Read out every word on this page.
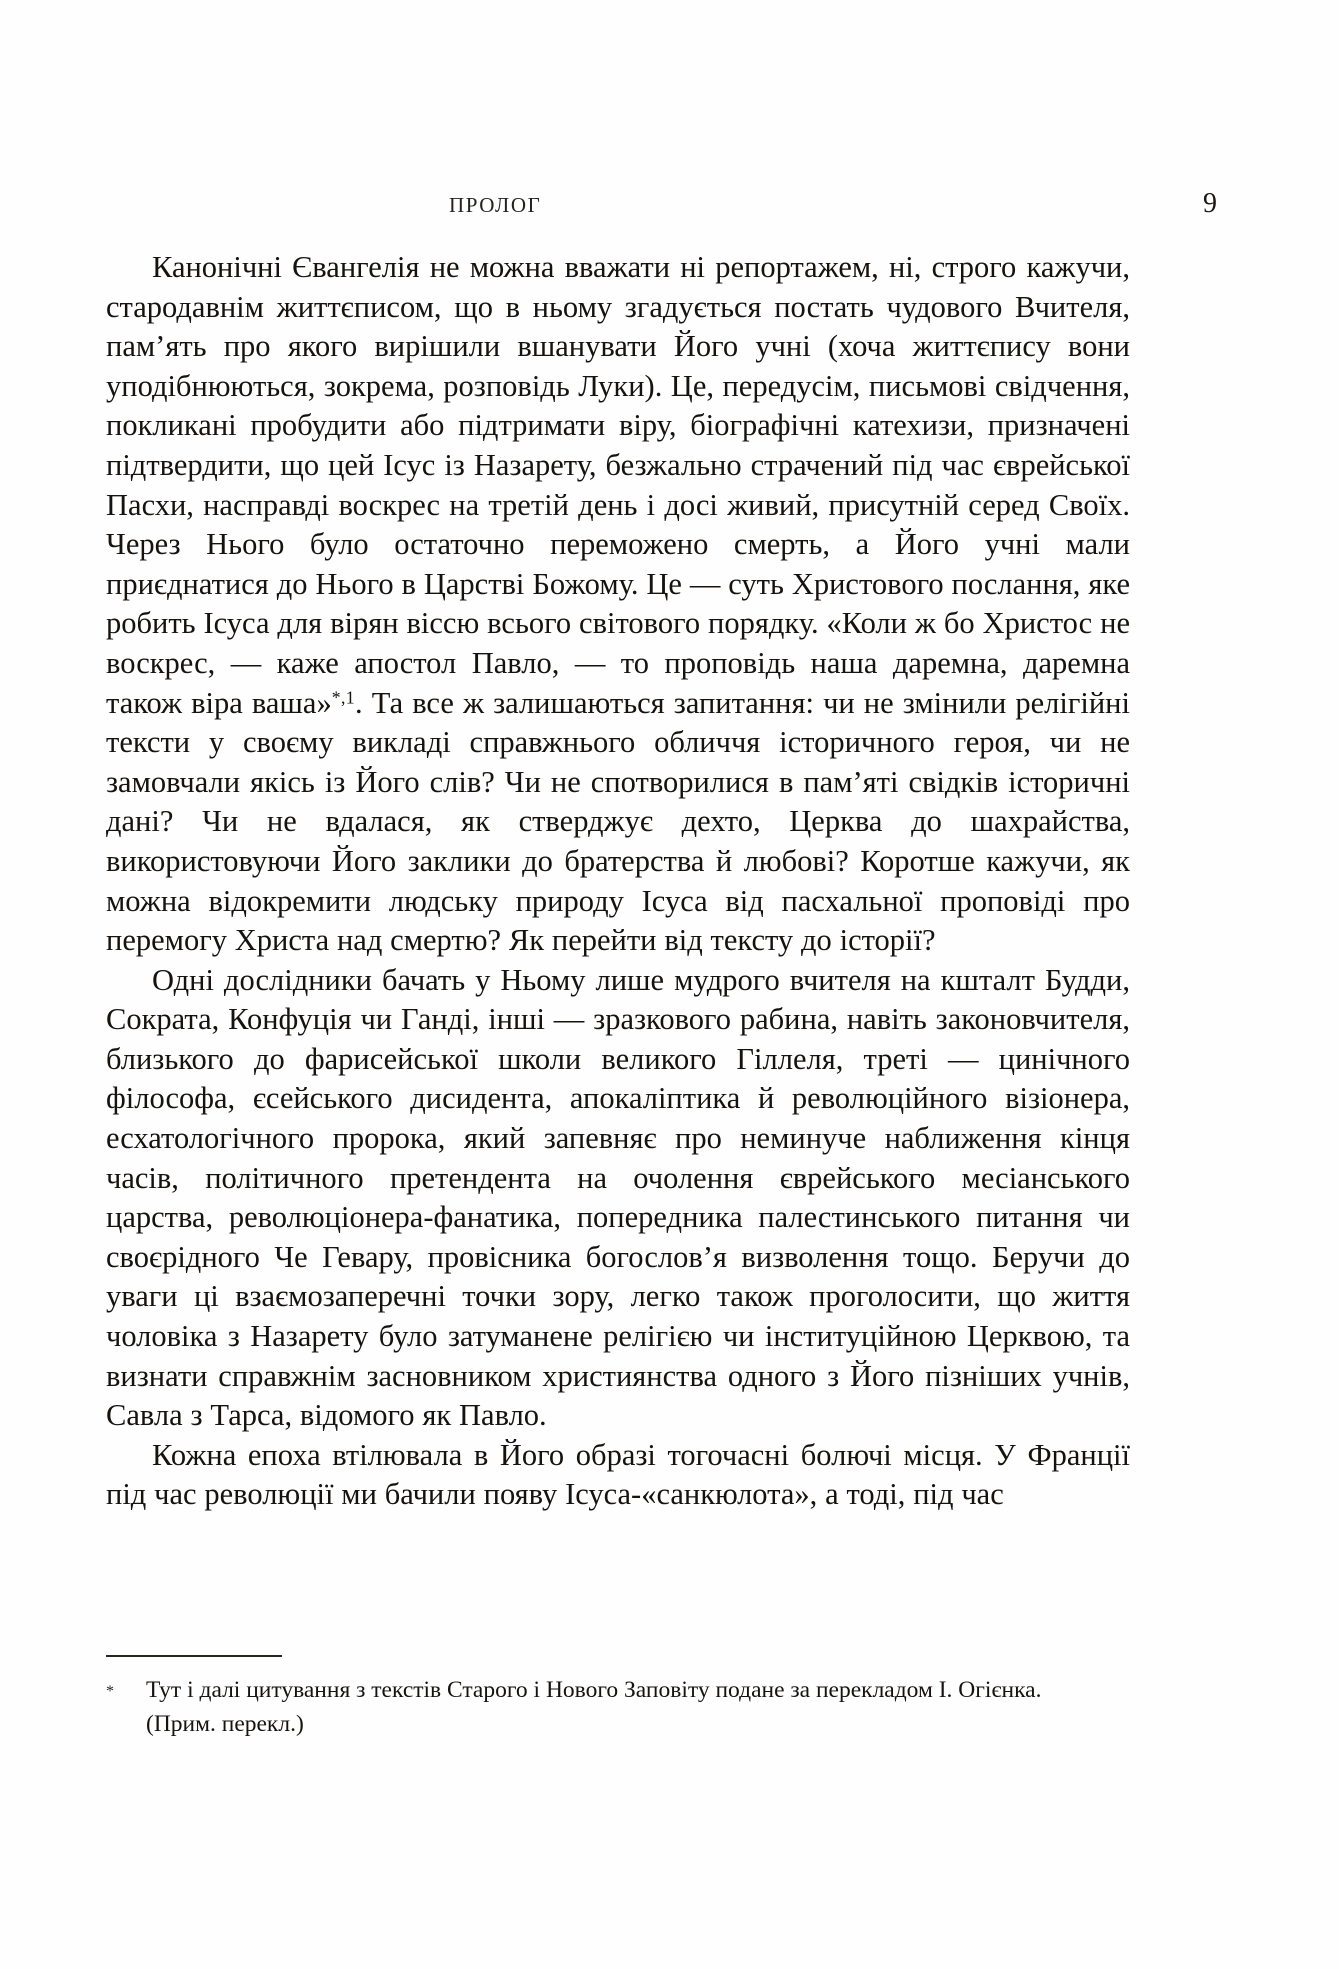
ПРОЛОГ	9

Канонічні Євангелія не можна вважати ні репортажем, ні, строго кажучи, стародавнім життєписом, що в ньому згадується постать чудового Вчителя, пам’ять про якого вирішили вшанувати Його учні (хоча життєпису вони уподібнюються, зокрема, розповідь Луки). Це, передусім, письмові свідчення, покликані пробудити або підтримати віру, біографічні катехизи, призначені підтвердити, що цей Ісус із Назарету, безжально страчений під час єврейської Пасхи, насправді воскрес на третій день і досі живий, присутній серед Своїх. Через Нього було остаточно переможено смерть, а Його учні мали приєднатися до Нього в Царстві Божому. Це — суть Христового послання, яке робить Ісуса для вірян віссю всього світового порядку. «Коли ж бо Христос не воскрес, — каже апостол Павло, — то проповідь наша даремна, даремна також віра ваша»$^{*,1}$. Та все ж залишаються запитання: чи не змінили релігійні тексти у своєму викладі справжнього обличчя історичного героя, чи не замовчали якісь із Його слів? Чи не спотворилися в пам’яті свідків історичні дані? Чи не вдалася, як стверджує дехто, Церква до шахрайства, використовуючи Його заклики до братерства й любові? Коротше кажучи, як можна відокремити людську природу Ісуса від пасхальної проповіді про перемогу Христа над смертю? Як перейти від тексту до історії?

Одні дослідники бачать у Ньому лише мудрого вчителя на кшталт Будди, Сократа, Конфуція чи Ганді, інші — зразкового рабина, навіть законовчителя, близького до фарисейської школи великого Гіллеля, треті — цинічного філософа, єсейського дисидента, апокаліптика й революційного візіонера, есхатологічного пророка, який запевняє про неминуче наближення кінця часів, політичного претендента на очолення єврейського месіанського царства, революціонера-фанатика, попередника палестинського питання чи своєрідного Че Гевару, провісника богослов’я визволення тощо. Беручи до уваги ці взаємозаперечні точки зору, легко також проголосити, що життя чоловіка з Назарету було затуманене релігією чи інституційною Церквою, та визнати справжнім засновником християнства одного з Його пізніших учнів, Савла з Тарса, відомого як Павло.

Кожна епоха втілювала в Його образі тогочасні болючі місця. У Франції під час революції ми бачили появу Ісуса-«санкюлота», а тоді, під час

*	Тут і далі цитування з текстів Старого і Нового Заповіту подане за перекладом І. Огієнка.
(Прим. перекл.)
